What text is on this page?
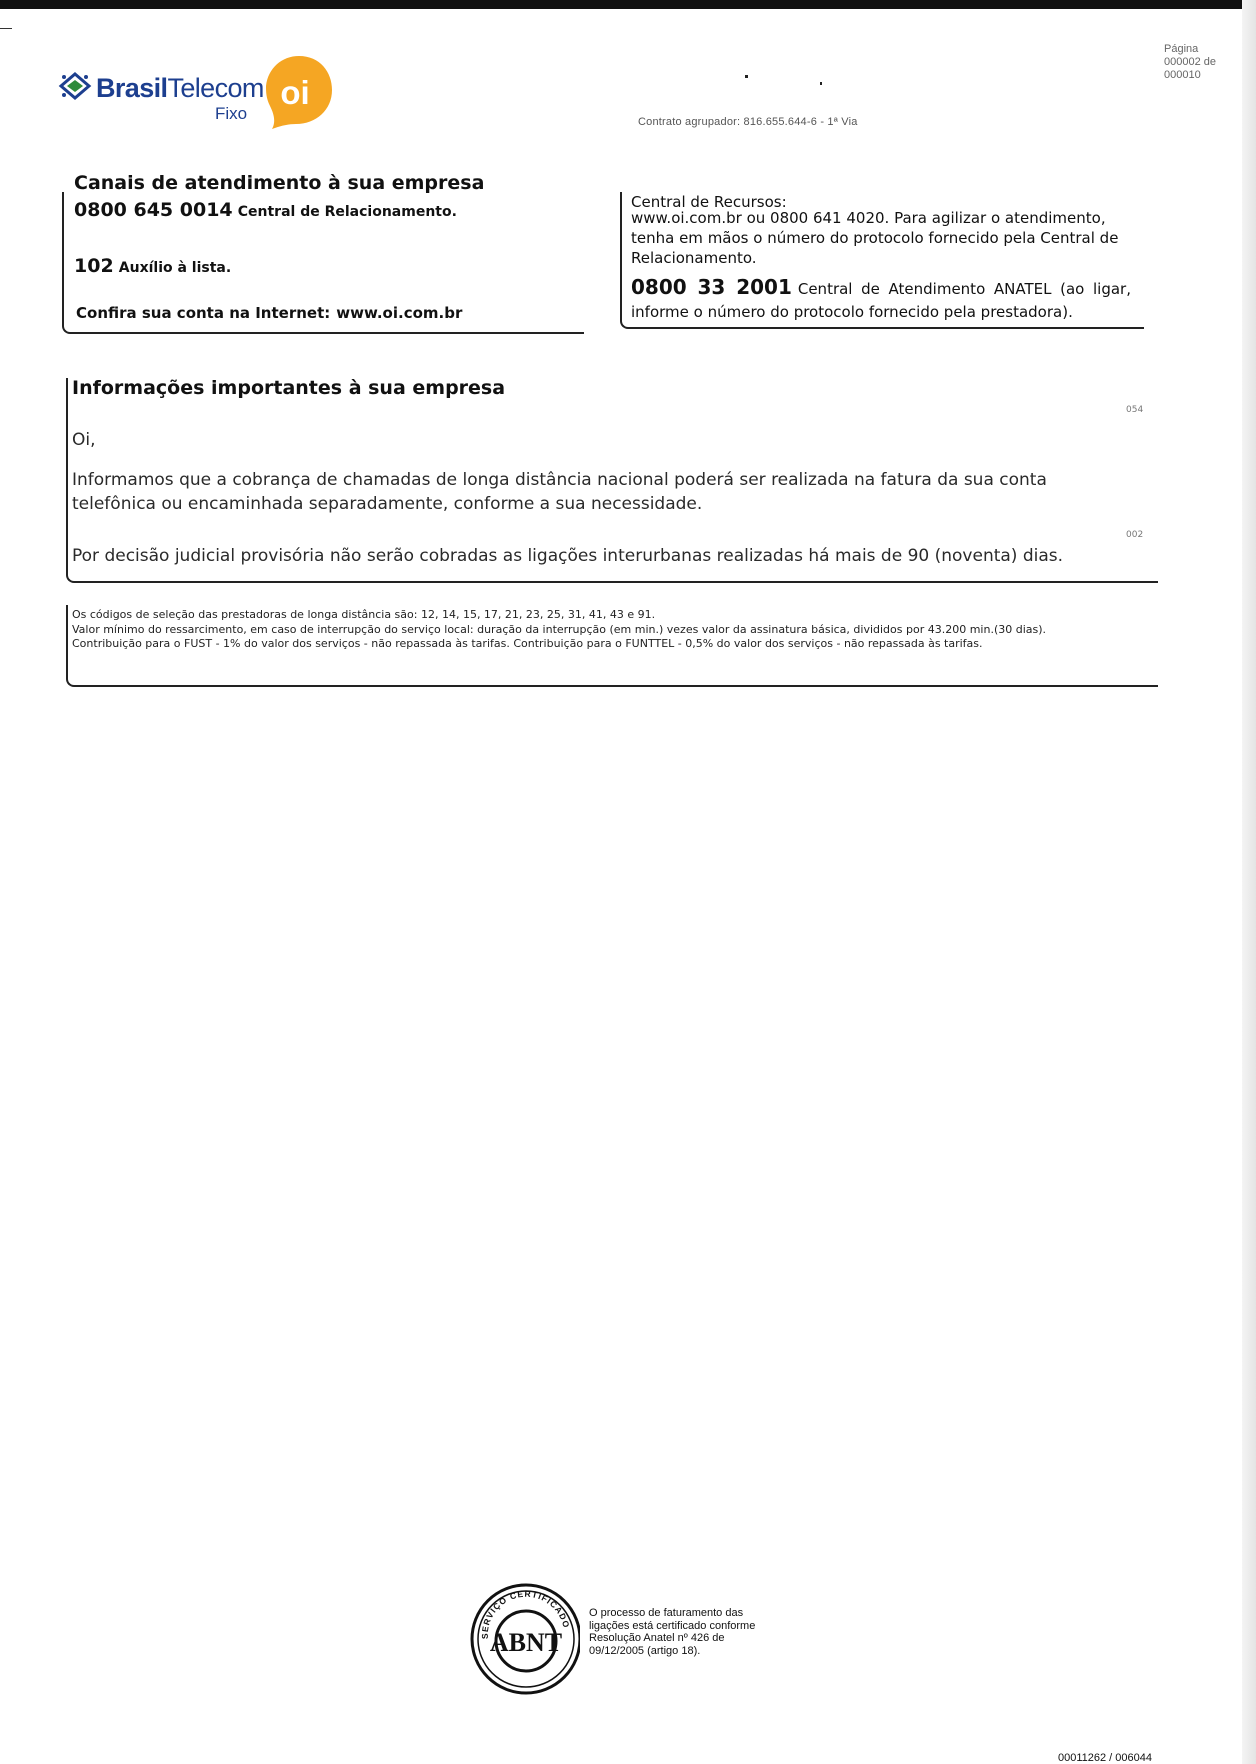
BrasilTelecom
Fixo
oi
Página 000002 de 000010
Contrato agrupador: 816.655.644-6 - 1ª Via
Canais de atendimento à sua empresa
0800 645 0014 Central de Relacionamento.
102 Auxílio à lista.
Confira sua conta na Internet: www.oi.com.br
Central de Recursos:
www.oi.com.br ou 0800 641 4020. Para agilizar o atendimento, tenha em mãos o número do protocolo fornecido pela Central de Relacionamento.
0800 33 2001 Central de Atendimento ANATEL (ao ligar, informe o número do protocolo fornecido pela prestadora).
Informações importantes à sua empresa
054
Oi,
Informamos que a cobrança de chamadas de longa distância nacional poderá ser realizada na fatura da sua conta telefônica ou encaminhada separadamente, conforme a sua necessidade.
002
Por decisão judicial provisória não serão cobradas as ligações interurbanas realizadas há mais de 90 (noventa) dias.
Os códigos de seleção das prestadoras de longa distância são: 12, 14, 15, 17, 21, 23, 25, 31, 41, 43 e 91.
Valor mínimo do ressarcimento, em caso de interrupção do serviço local: duração da interrupção (em min.) vezes valor da assinatura básica, divididos por 43.200 min.(30 dias).
Contribuição para o FUST - 1% do valor dos serviços - não repassada às tarifas. Contribuição para o FUNTTEL - 0,5% do valor dos serviços - não repassada às tarifas.
SERVIÇO CERTIFICADO
ABNT
O processo de faturamento das ligações está certificado conforme Resolução Anatel nº 426 de 09/12/2005 (artigo 18).
00011262 / 006044
